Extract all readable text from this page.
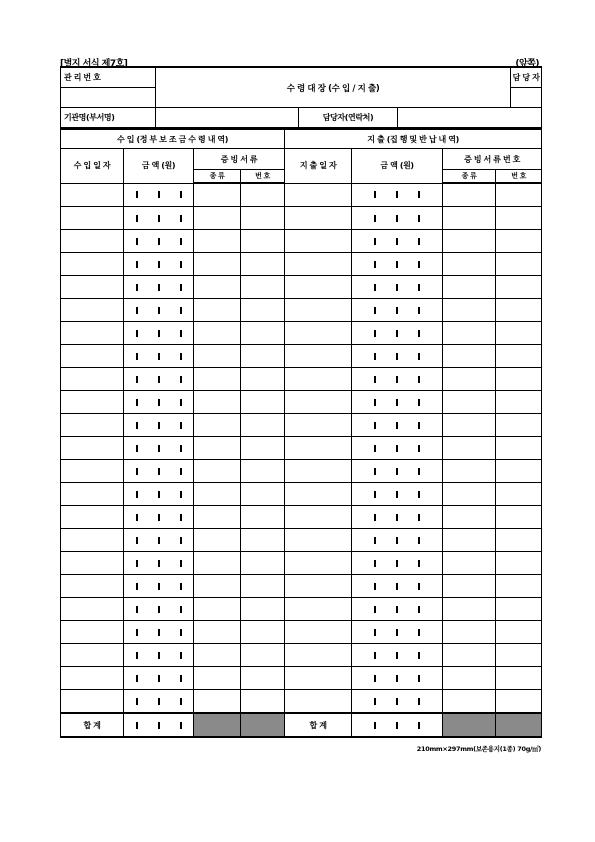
[별지 서식 제7호]	(앞쪽)
관 리 번 호	수 령 대 장 (수 입 / 지 출)			담 당 자

기관명(부서명)		담당자(연락처)		
수 입 (정 부 보 조 금 수 령 내 역)				지 출 (집 행 및 반 납 내 역)			
수 입 일 자	금 액 (원)	증 빙 서 류		지 출 일 자	금 액 (원)	증 빙 서 류 번 호	
		종 류	번 호			종 류	번 호

합 계				합 계			
210mm×297mm(보존용지(1종) 70g/㎡)
